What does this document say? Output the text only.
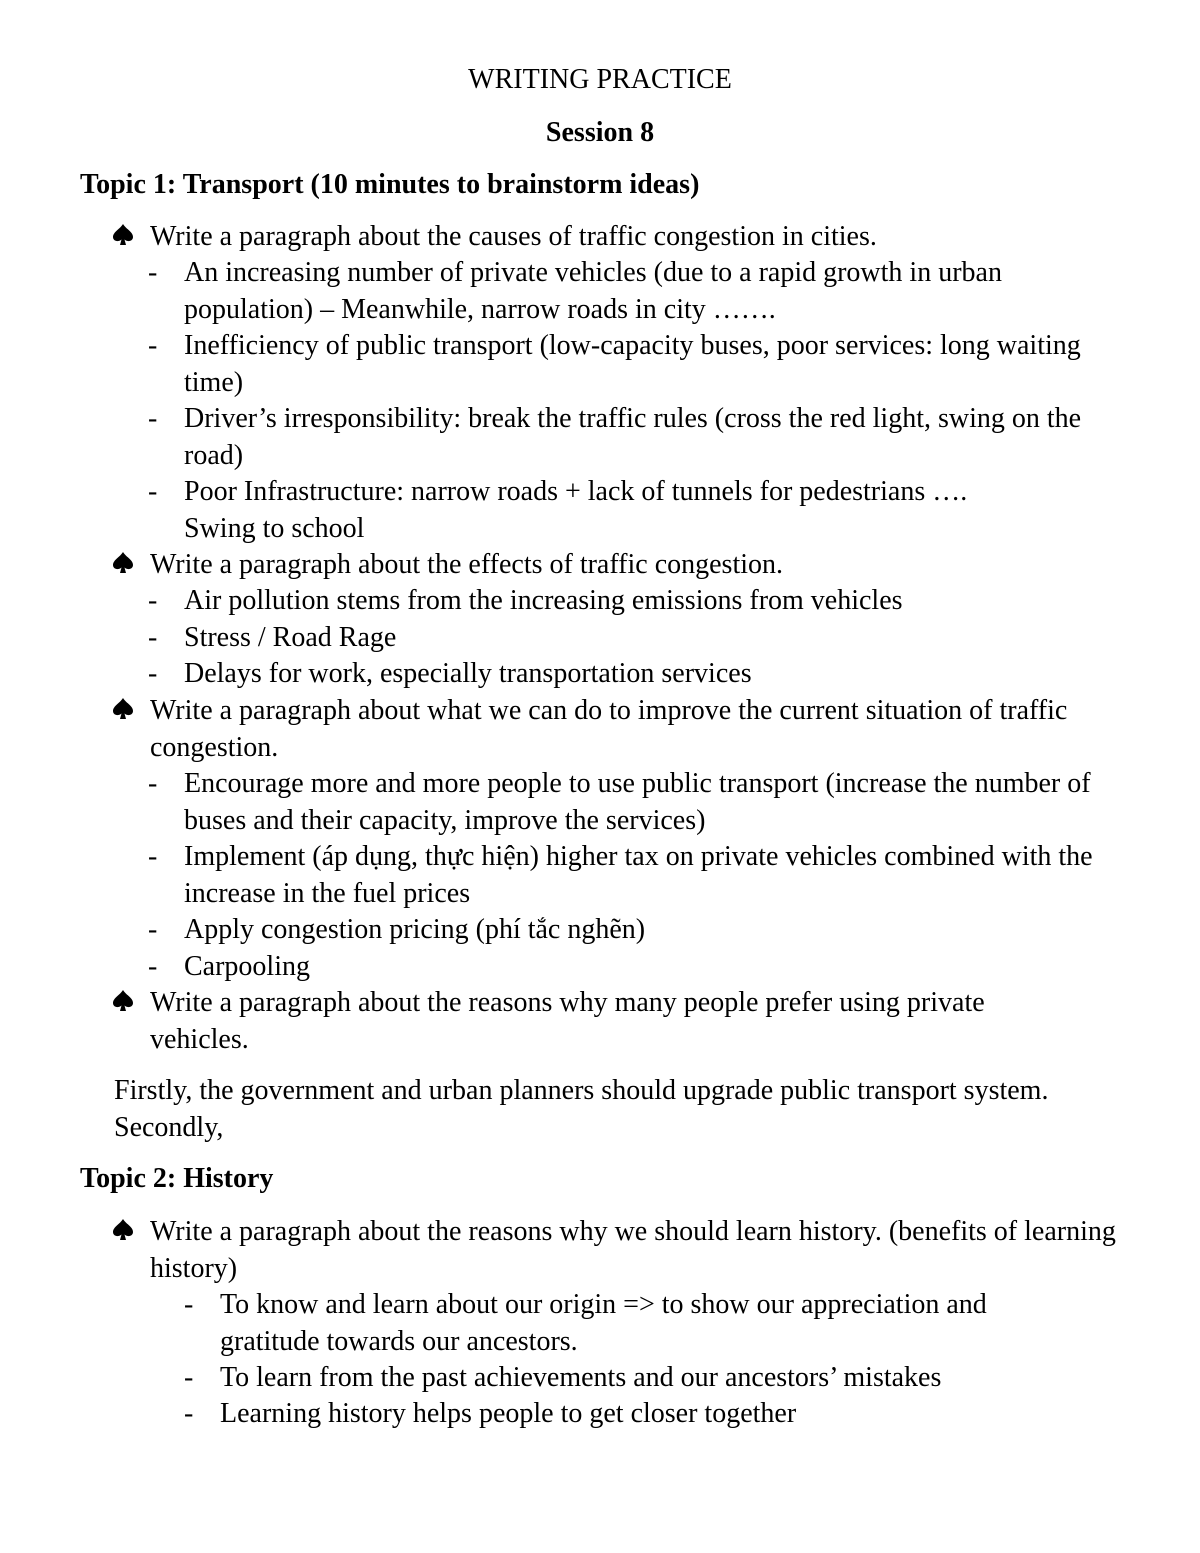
WRITING PRACTICE
Session 8
Topic 1: Transport (10 minutes to brainstorm ideas)
Write a paragraph about the causes of traffic congestion in cities.
- An increasing number of private vehicles (due to a rapid growth in urban population) – Meanwhile, narrow roads in city …….
- Inefficiency of public transport (low-capacity buses, poor services: long waiting time)
- Driver’s irresponsibility: break the traffic rules (cross the red light, swing on the road)
- Poor Infrastructure: narrow roads + lack of tunnels for pedestrians …. Swing to school
Write a paragraph about the effects of traffic congestion.
- Air pollution stems from the increasing emissions from vehicles
- Stress / Road Rage
- Delays for work, especially transportation services
Write a paragraph about what we can do to improve the current situation of traffic congestion.
- Encourage more and more people to use public transport (increase the number of buses and their capacity, improve the services)
- Implement (áp dụng, thực hiện) higher tax on private vehicles combined with the increase in the fuel prices
- Apply congestion pricing (phí tắc nghẽn)
- Carpooling
Write a paragraph about the reasons why many people prefer using private vehicles.
Firstly, the government and urban planners should upgrade public transport system. Secondly,
Topic 2: History
Write a paragraph about the reasons why we should learn history. (benefits of learning history)
- To know and learn about our origin => to show our appreciation and gratitude towards our ancestors.
- To learn from the past achievements and our ancestors’ mistakes
- Learning history helps people to get closer together
